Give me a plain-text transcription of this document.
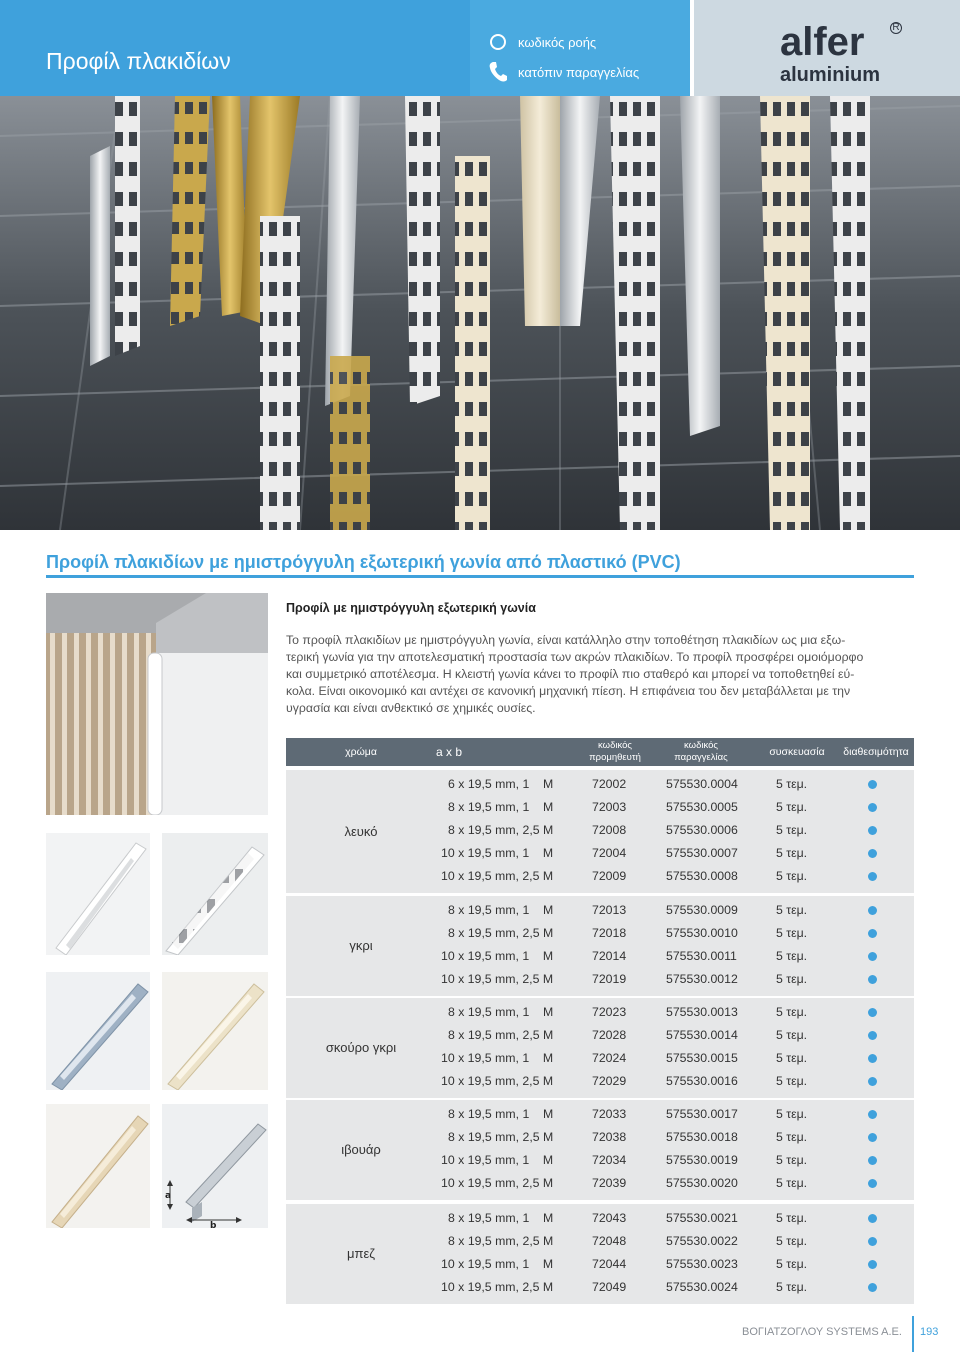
Προφίλ πλακιδίων
κωδικός ροής
κατόπιν παραγγελίας
alfer	R
aluminium
Προφίλ πλακιδίων με ημιστρόγγυλη εξωτερική γωνία από πλαστικό (PVC)
Προφίλ με ημιστρόγγυλη εξωτερική γωνία
Το προφίλ πλακιδίων με ημιστρόγγυλη γωνία, είναι κατάλληλο στην τοποθέτηση πλακιδίων ως μια εξω-
τερική γωνία για την αποτελεσματική προστασία των ακρών πλακιδίων. Το προφίλ προσφέρει ομοιόμορφο
και συμμετρικό αποτέλεσμα. Η κλειστή γωνία κάνει το προφίλ πιο σταθερό και μπορεί να τοποθετηθεί εύ-
κολα. Είναι οικονομικό και αντέχει σε κανονική μηχανική πίεση. Η επιφάνεια του δεν μεταβάλλεται με την
υγρασία και είναι ανθεκτικό σε χημικές ουσίες.
a
b
χρώμα	a x b	κωδικός
προμηθευτή
κωδικός
παραγγελίας	συσκευασία	διαθεσιμότητα
λευκό
6 x 19,5 mm, 1    M	72002	575530.0004	5 τεμ.
8 x 19,5 mm, 1    M	72003	575530.0005	5 τεμ.
8 x 19,5 mm, 2,5 M	72008	575530.0006	5 τεμ.
10 x 19,5 mm, 1    M	72004	575530.0007	5 τεμ.
10 x 19,5 mm, 2,5 M	72009	575530.0008	5 τεμ.
γκρι
8 x 19,5 mm, 1    M	72013	575530.0009	5 τεμ.
8 x 19,5 mm, 2,5 M	72018	575530.0010	5 τεμ.
10 x 19,5 mm, 1    M	72014	575530.0011	5 τεμ.
10 x 19,5 mm, 2,5 M	72019	575530.0012	5 τεμ.
σκούρο γκρι
8 x 19,5 mm, 1    M	72023	575530.0013	5 τεμ.
8 x 19,5 mm, 2,5 M	72028	575530.0014	5 τεμ.
10 x 19,5 mm, 1    M	72024	575530.0015	5 τεμ.
10 x 19,5 mm, 2,5 M	72029	575530.0016	5 τεμ.
ιβουάρ
8 x 19,5 mm, 1    M	72033	575530.0017	5 τεμ.
8 x 19,5 mm, 2,5 M	72038	575530.0018	5 τεμ.
10 x 19,5 mm, 1    M	72034	575530.0019	5 τεμ.
10 x 19,5 mm, 2,5 M	72039	575530.0020	5 τεμ.
μπεζ
8 x 19,5 mm, 1    M	72043	575530.0021	5 τεμ.
8 x 19,5 mm, 2,5 M	72048	575530.0022	5 τεμ.
10 x 19,5 mm, 1    M	72044	575530.0023	5 τεμ.
10 x 19,5 mm, 2,5 M	72049	575530.0024	5 τεμ.
ΒΟΓΙΑΤΖΟΓΛΟΥ SYSTEMS A.E. 193
